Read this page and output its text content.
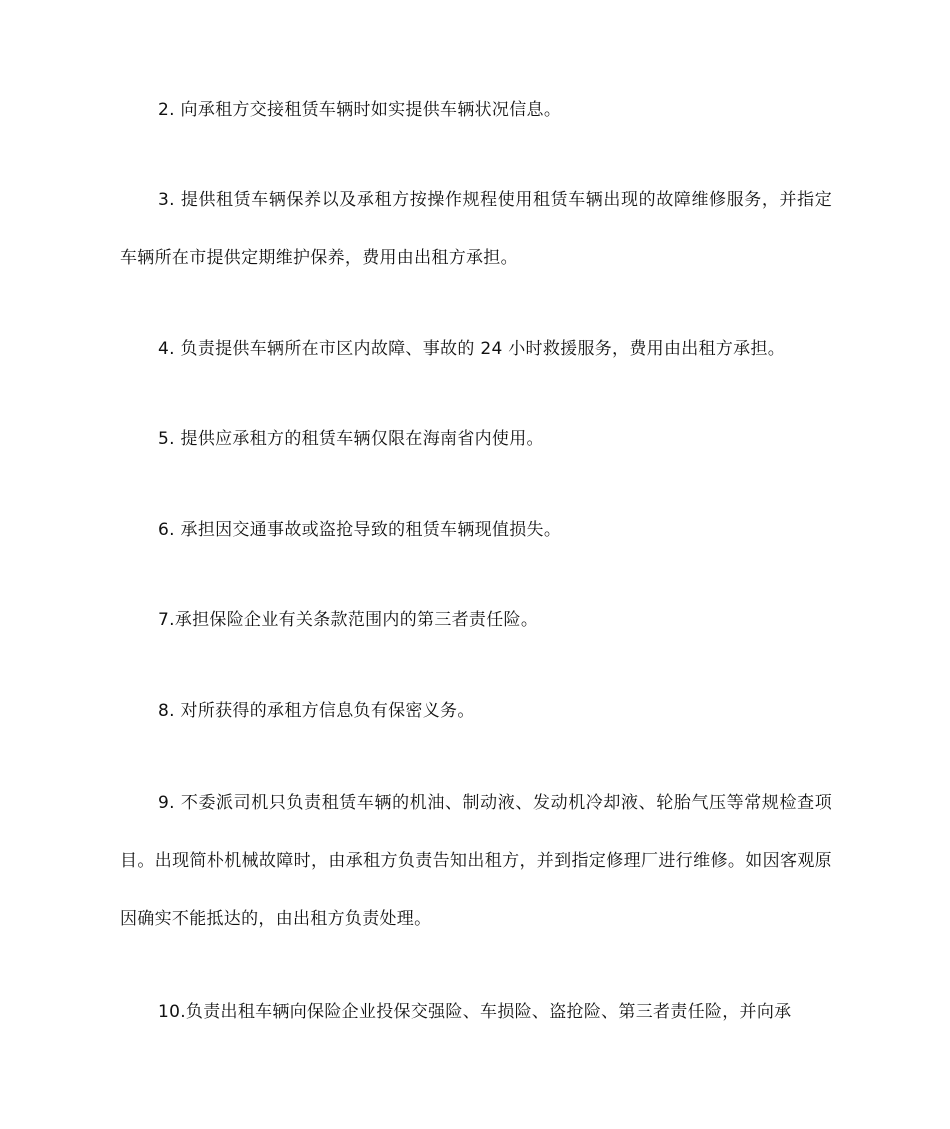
2. 向承租方交接租赁车辆时如实提供车辆状况信息。

3. 提供租赁车辆保养以及承租方按操作规程使用租赁车辆出现的故障维修服务，并指定车辆所在市提供定期维护保养，费用由出租方承担。

4. 负责提供车辆所在市区内故障、事故的 24 小时救援服务，费用由出租方承担。

5. 提供应承租方的租赁车辆仅限在海南省内使用。

6. 承担因交通事故或盗抢导致的租赁车辆现值损失。

7.承担保险企业有关条款范围内的第三者责任险。

8. 对所获得的承租方信息负有保密义务。

9. 不委派司机只负责租赁车辆的机油、制动液、发动机冷却液、轮胎气压等常规检查项目。出现简朴机械故障时，由承租方负责告知出租方，并到指定修理厂进行维修。如因客观原因确实不能抵达的，由出租方负责处理。

10.负责出租车辆向保险企业投保交强险、车损险、盗抢险、第三者责任险，并向承
